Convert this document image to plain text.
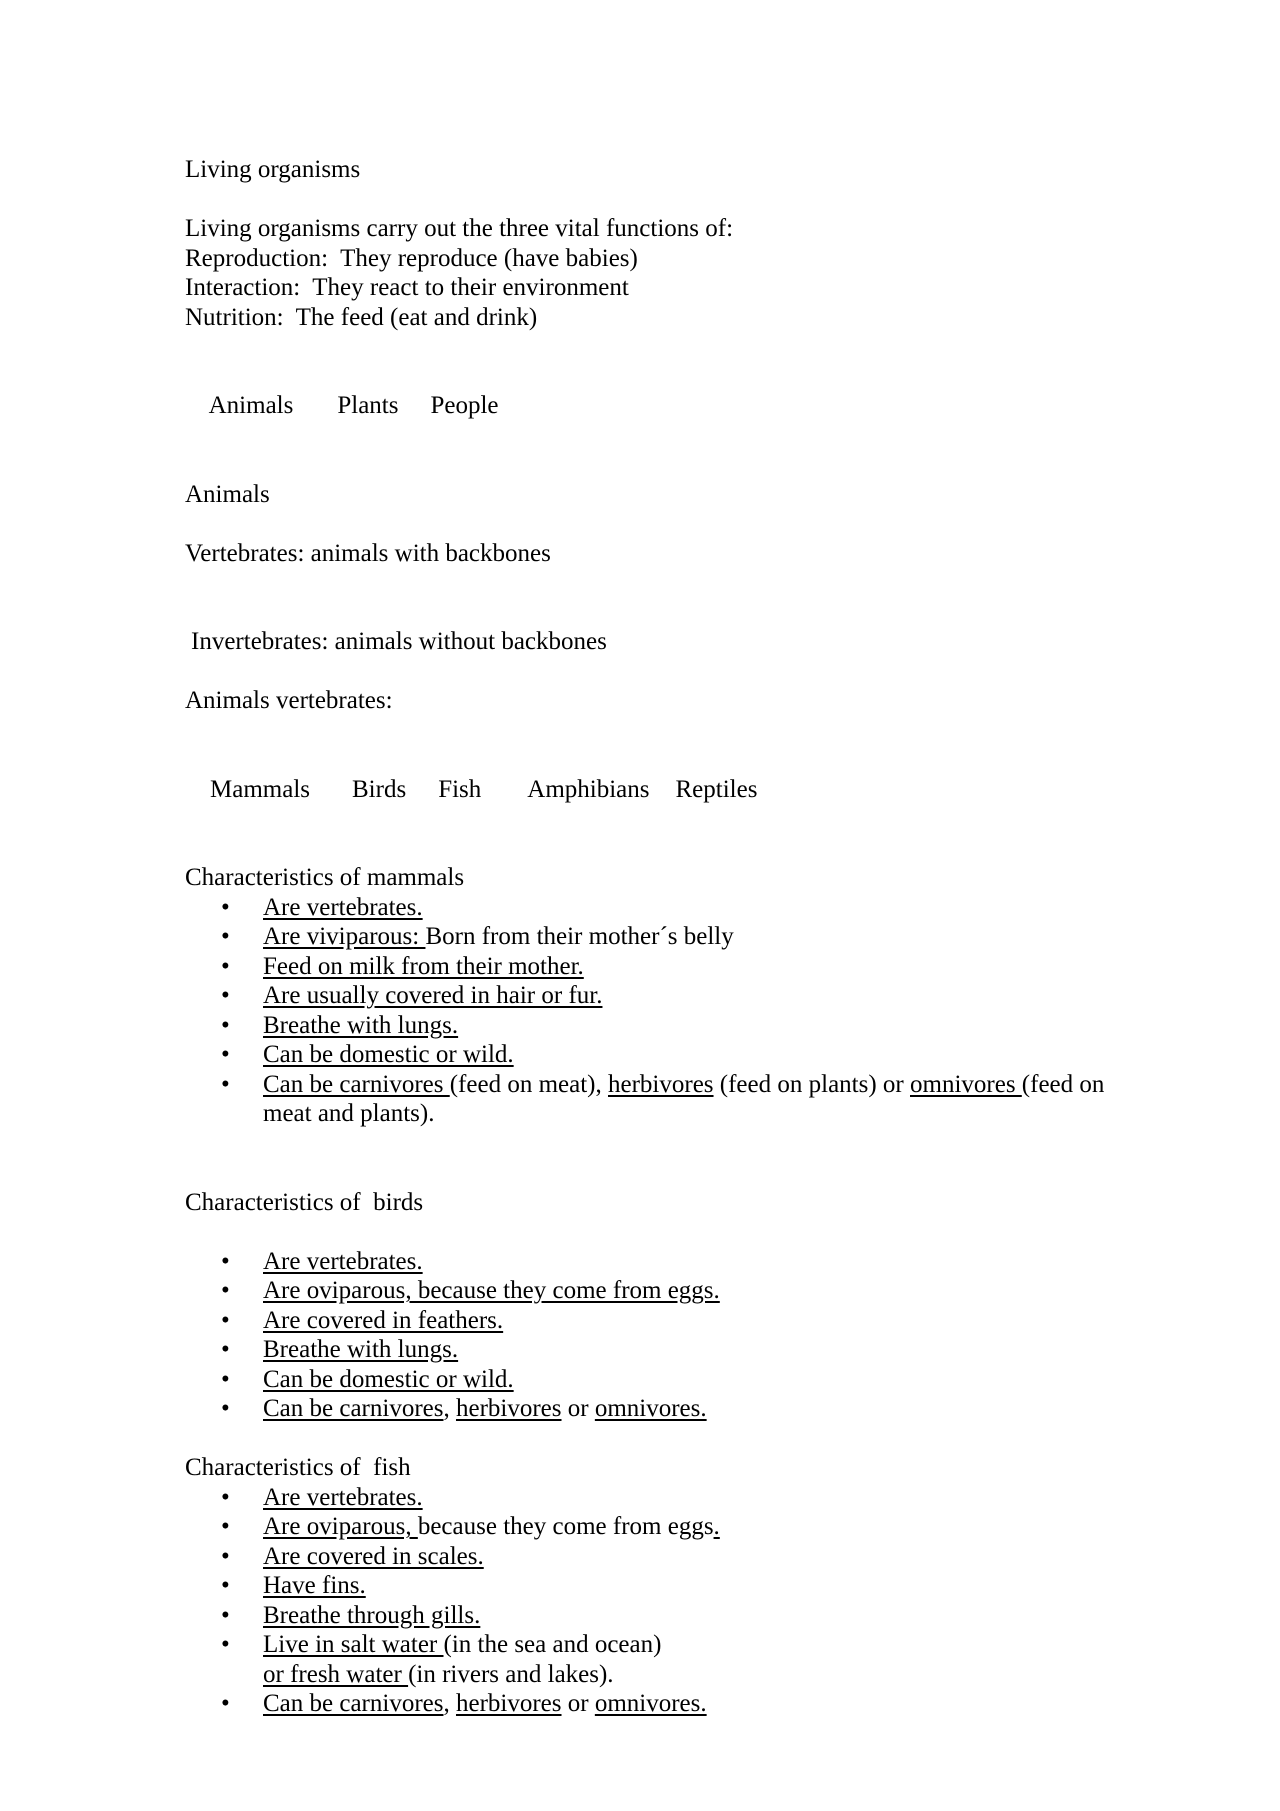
Living organisms
Living organisms carry out the three vital functions of:
Reproduction:  They reproduce (have babies)
Interaction:  They react to their environment
Nutrition:  The feed (eat and drink)

Animals Plants People

Animals
Vertebrates: animals with backbones
Invertebrates: animals without backbones
Animals vertebrates:

Mammals Birds Fish Amphibians Reptiles

Characteristics of mammals
• Are vertebrates.
• Are viviparous: Born from their mother´s belly
• Feed on milk from their mother.
• Are usually covered in hair or fur.
• Breathe with lungs.
• Can be domestic or wild.
• Can be carnivores (feed on meat), herbivores (feed on plants) or omnivores (feed on meat and plants).
Characteristics of  birds
• Are vertebrates.
• Are oviparous, because they come from eggs.
• Are covered in feathers.
• Breathe with lungs.
• Can be domestic or wild.
• Can be carnivores, herbivores or omnivores.
Characteristics of  fish
• Are vertebrates.
• Are oviparous, because they come from eggs.
• Are covered in scales.
• Have fins.
• Breathe through gills.
• Live in salt water (in the sea and ocean)
or fresh water (in rivers and lakes).
• Can be carnivores, herbivores or omnivores.
